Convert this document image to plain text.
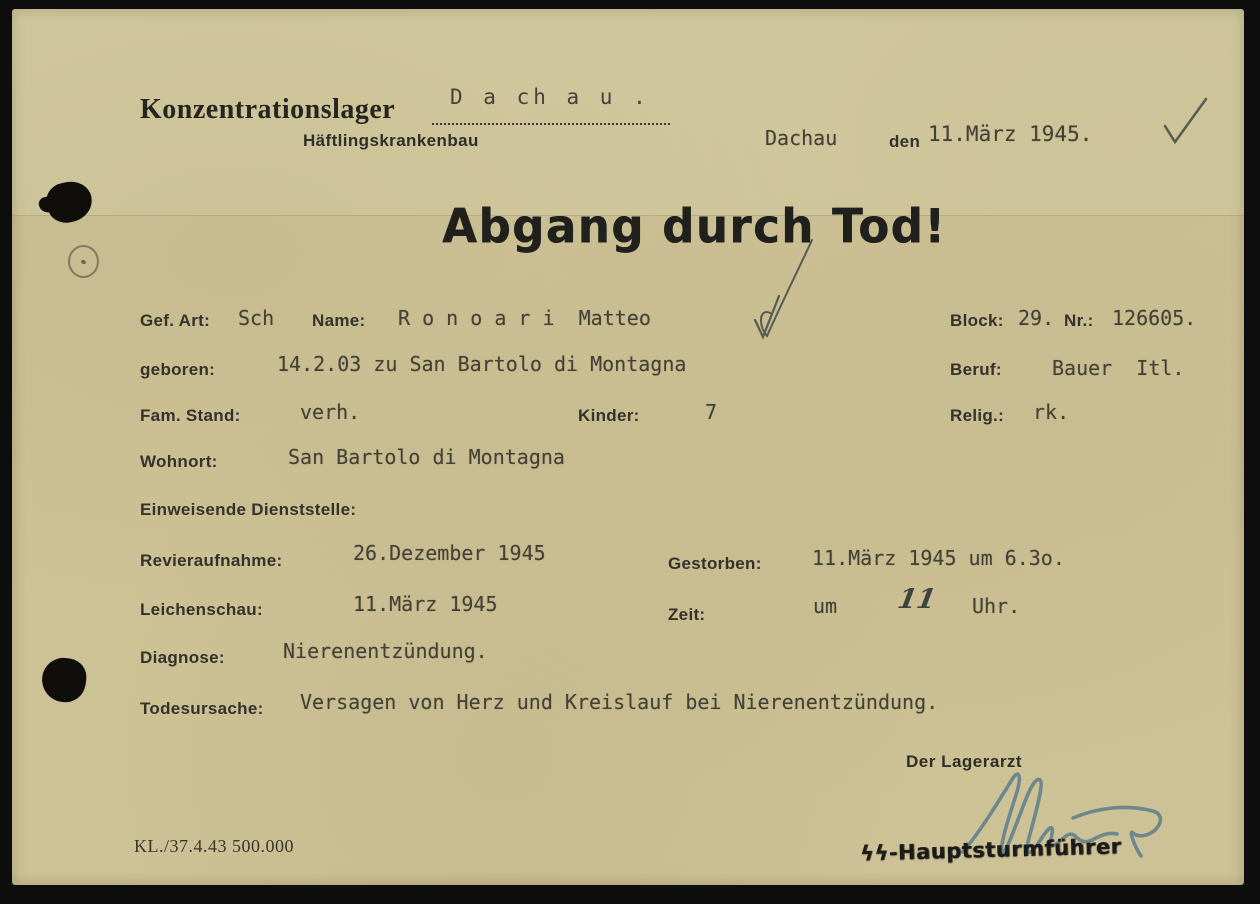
Konzentrationslager	D a ch a u .
Häftlingskrankenbau	Dachau	den 11.März 1945.
Abgang durch Tod!
Gef. Art: Sch Name: R o n o a r i  Matteo	Block: 29. Nr.: 126605.
geboren:	14.2.03 zu San Bartolo di Montagna	Beruf:	Bauer  Itl.
Fam. Stand:	verh.	Kinder:	7	Relig.: rk.
Wohnort:	San Bartolo di Montagna
Einweisende Dienststelle:
Revieraufnahme:	26.Dezember 1945	Gestorben:	11.März 1945 um 6.3o.
Leichenschau:	11.März 1945	Zeit:	um 11 Uhr.
Diagnose:	Nierenentzündung.
Todesursache: Versagen von Herz und Kreislauf bei Nierenentzündung.
Der Lagerarzt
ϟϟ-Hauptsturmführer
KL./37.4.43 500.000
